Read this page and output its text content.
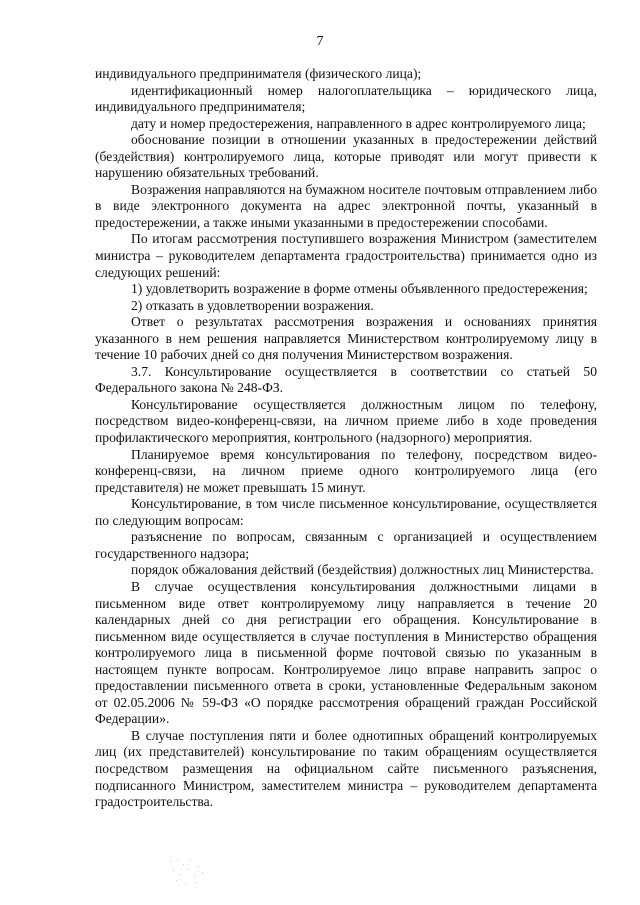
7

индивидуального предпринимателя (физического лица);

идентификационный номер налогоплательщика – юридического лица, индивидуального предпринимателя;

дату и номер предостережения, направленного в адрес контролируемого лица;

обоснование позиции в отношении указанных в предостережении действий (бездействия) контролируемого лица, которые приводят или могут привести к нарушению обязательных требований.

Возражения направляются на бумажном носителе почтовым отправлением либо в виде электронного документа на адрес электронной почты, указанный в предостережении, а также иными указанными в предостережении способами.

По итогам рассмотрения поступившего возражения Министром (заместителем министра – руководителем департамента градостроительства) принимается одно из следующих решений:

1) удовлетворить возражение в форме отмены объявленного предостережения;

2) отказать в удовлетворении возражения.

Ответ о результатах рассмотрения возражения и основаниях принятия указанного в нем решения направляется Министерством контролируемому лицу в течение 10 рабочих дней со дня получения Министерством возражения.

3.7. Консультирование осуществляется в соответствии со статьей 50 Федерального закона № 248-ФЗ.

Консультирование осуществляется должностным лицом по телефону, посредством видео-конференц-связи, на личном приеме либо в ходе проведения профилактического мероприятия, контрольного (надзорного) мероприятия.

Планируемое время консультирования по телефону, посредством видео-конференц-связи, на личном приеме одного контролируемого лица (его представителя) не может превышать 15 минут.

Консультирование, в том числе письменное консультирование, осуществляется по следующим вопросам:

разъяснение по вопросам, связанным с организацией и осуществлением государственного надзора;

порядок обжалования действий (бездействия) должностных лиц Министерства.

В случае осуществления консультирования должностными лицами в письменном виде ответ контролируемому лицу направляется в течение 20 календарных дней со дня регистрации его обращения. Консультирование в письменном виде осуществляется в случае поступления в Министерство обращения контролируемого лица в письменной форме почтовой связью по указанным в настоящем пункте вопросам. Контролируемое лицо вправе направить запрос о предоставлении письменного ответа в сроки, установленные Федеральным законом от 02.05.2006 № 59-ФЗ «О порядке рассмотрения обращений граждан Российской Федерации».

В случае поступления пяти и более однотипных обращений контролируемых лиц (их представителей) консультирование по таким обращениям осуществляется посредством размещения на официальном сайте письменного разъяснения, подписанного Министром, заместителем министра – руководителем департамента градостроительства.
